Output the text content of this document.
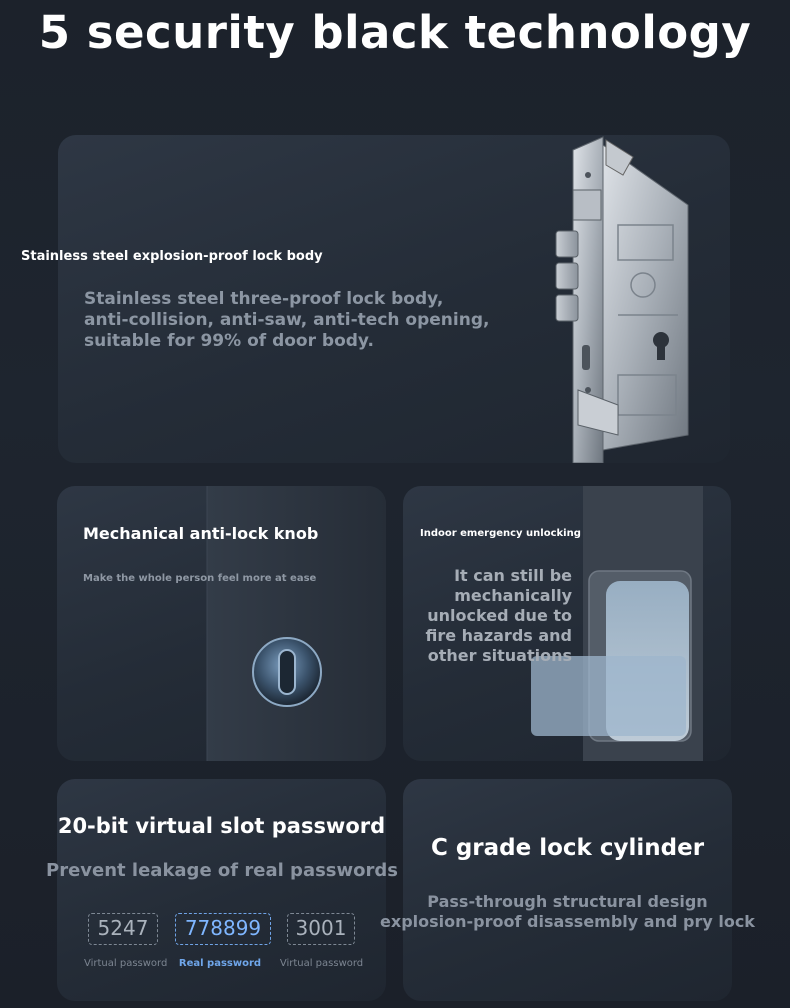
5 security black technology
Stainless steel explosion-proof lock body
Stainless steel three-proof lock body,
anti-collision, anti-saw, anti-tech opening,
suitable for 99% of door body.
Mechanical anti-lock knob
Make the whole person feel more at ease
Indoor emergency unlocking
It can still be
mechanically
unlocked due to
fire hazards and
other situations
20-bit virtual slot password
Prevent leakage of real passwords
5247	778899	3001
Virtual password	Real password	Virtual password
C grade lock cylinder
Pass-through structural design
explosion-proof disassembly and pry lock
